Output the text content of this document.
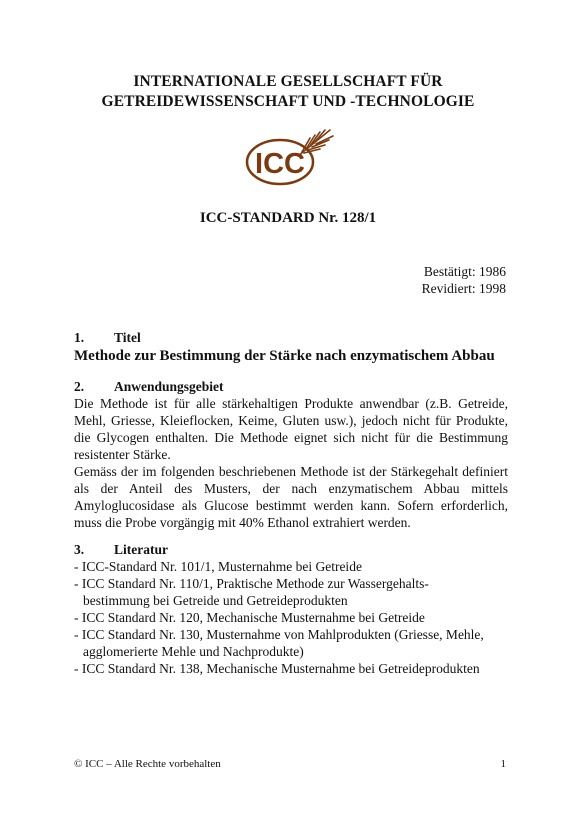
INTERNATIONALE GESELLSCHAFT FÜR
GETREIDEWISSENSCHAFT UND -TECHNOLOGIE
ICC
ICC-STANDARD Nr. 128/1
Bestätigt: 1986
Revidiert: 1998
1. Titel
Methode zur Bestimmung der Stärke nach enzymatischem Abbau
2. Anwendungsgebiet
Die Methode ist für alle stärkehaltigen Produkte anwendbar (z.B. Getreide, Mehl, Griesse, Kleieflocken, Keime, Gluten usw.), jedoch nicht für Produkte, die Glycogen enthalten. Die Methode eignet sich nicht für die Bestimmung resistenter Stärke.
Gemäss der im folgenden beschriebenen Methode ist der Stärkegehalt definiert als der Anteil des Musters, der nach enzymatischem Abbau mittels Amyloglucosidase als Glucose bestimmt werden kann. Sofern erforderlich, muss die Probe vorgängig mit 40% Ethanol extrahiert werden.
3. Literatur
- ICC-Standard Nr. 101/1, Musternahme bei Getreide
- ICC Standard Nr. 110/1, Praktische Methode zur Wassergehalts-
bestimmung bei Getreide und Getreideprodukten
- ICC Standard Nr. 120, Mechanische Musternahme bei Getreide
- ICC Standard Nr. 130, Musternahme von Mahlprodukten (Griesse, Mehle,
agglomerierte Mehle und Nachprodukte)
- ICC Standard Nr. 138, Mechanische Musternahme bei Getreideprodukten
© ICC – Alle Rechte vorbehalten	1
